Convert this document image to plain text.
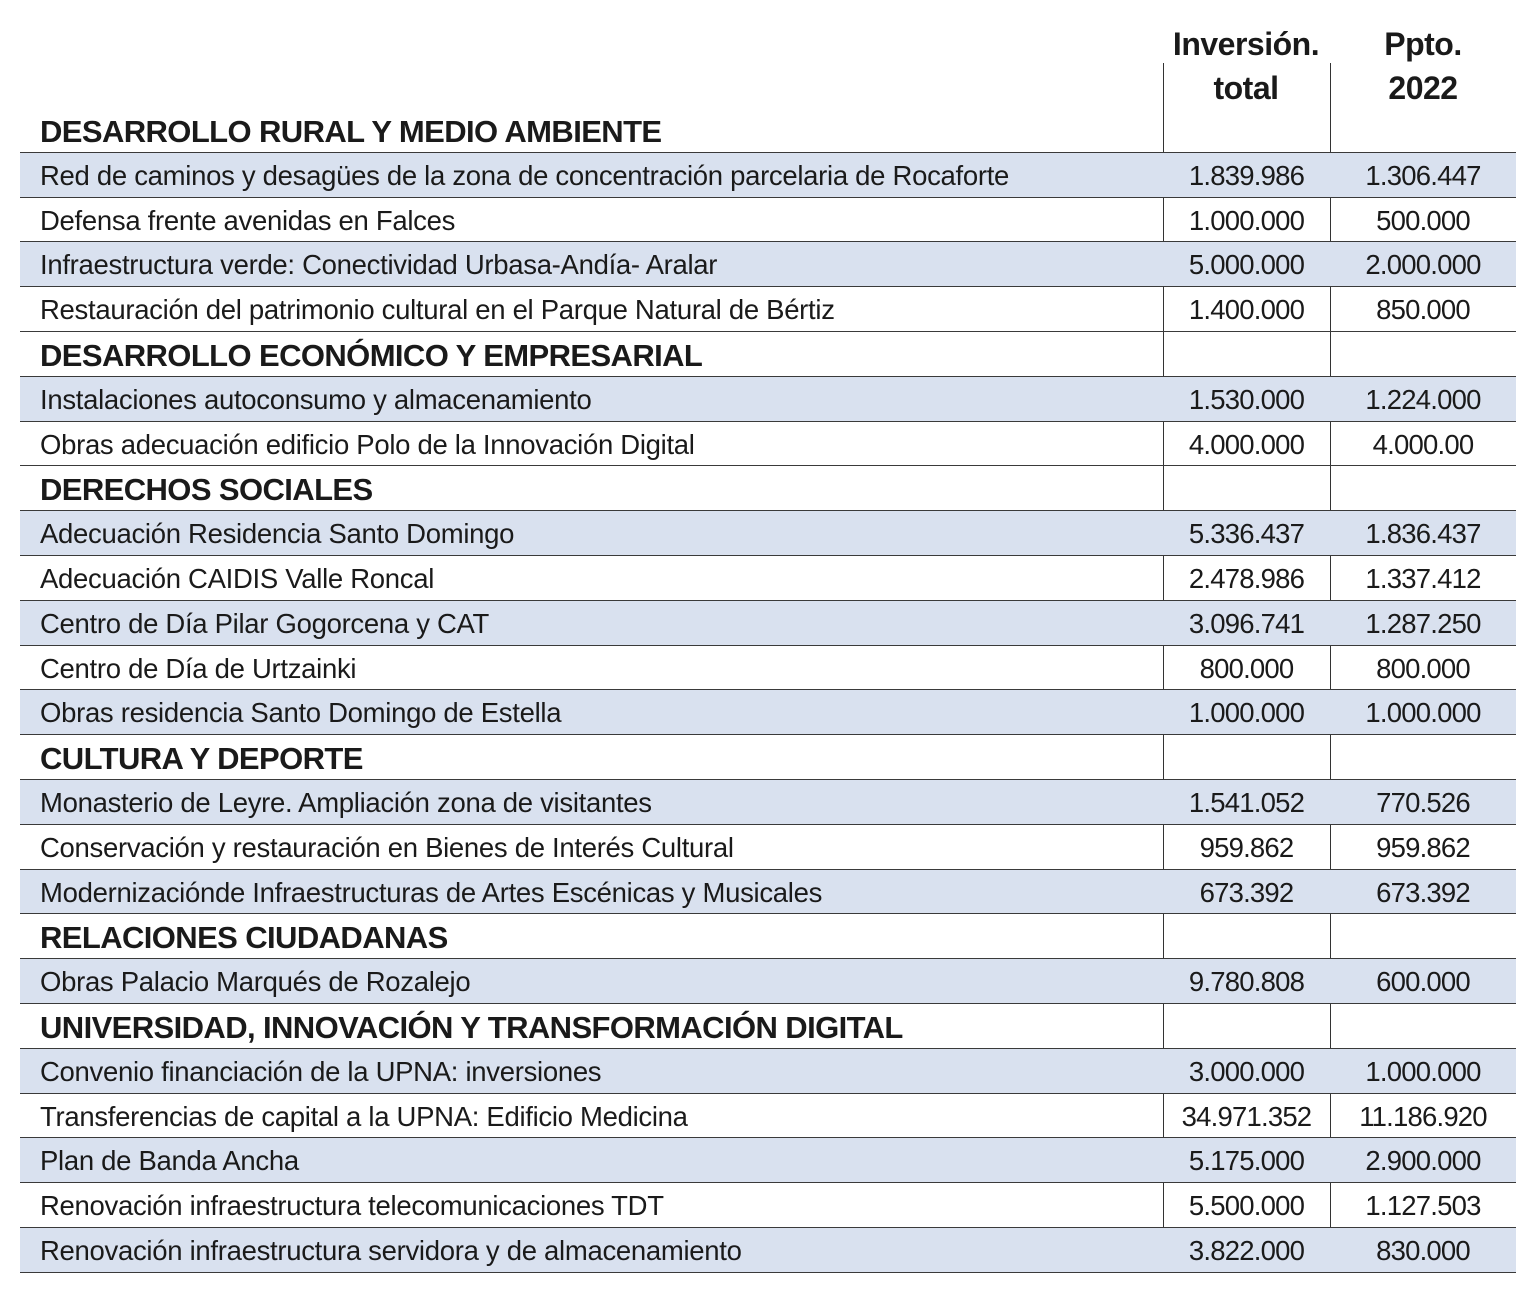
Inversión.
total
Ppto.
2022
DESARROLLO RURAL Y MEDIO AMBIENTE
Red de caminos y desagües de la zona de concentración parcelaria de Rocaforte	1.839.986	1.306.447
Defensa frente avenidas en Falces	1.000.000	500.000
Infraestructura verde: Conectividad Urbasa-Andía- Aralar	5.000.000	2.000.000
Restauración del patrimonio cultural en el Parque Natural de Bértiz	1.400.000	850.000
DESARROLLO ECONÓMICO Y EMPRESARIAL
Instalaciones autoconsumo y almacenamiento	1.530.000	1.224.000
Obras adecuación edificio Polo de la Innovación Digital	4.000.000	4.000.00
DERECHOS SOCIALES
Adecuación Residencia Santo Domingo	5.336.437	1.836.437
Adecuación CAIDIS Valle Roncal	2.478.986	1.337.412
Centro de Día Pilar Gogorcena y CAT	3.096.741	1.287.250
Centro de Día de Urtzainki	800.000	800.000
Obras residencia Santo Domingo de Estella	1.000.000	1.000.000
CULTURA Y DEPORTE
Monasterio de Leyre. Ampliación zona de visitantes	1.541.052	770.526
Conservación y restauración en Bienes de Interés Cultural	959.862	959.862
Modernizaciónde Infraestructuras de Artes Escénicas y Musicales	673.392	673.392
RELACIONES CIUDADANAS
Obras Palacio Marqués de Rozalejo	9.780.808	600.000
UNIVERSIDAD, INNOVACIÓN Y TRANSFORMACIÓN DIGITAL
Convenio financiación de la UPNA: inversiones	3.000.000	1.000.000
Transferencias de capital a la UPNA: Edificio Medicina	34.971.352	11.186.920
Plan de Banda Ancha	5.175.000	2.900.000
Renovación infraestructura telecomunicaciones TDT	5.500.000	1.127.503
Renovación infraestructura servidora y de almacenamiento	3.822.000	830.000
